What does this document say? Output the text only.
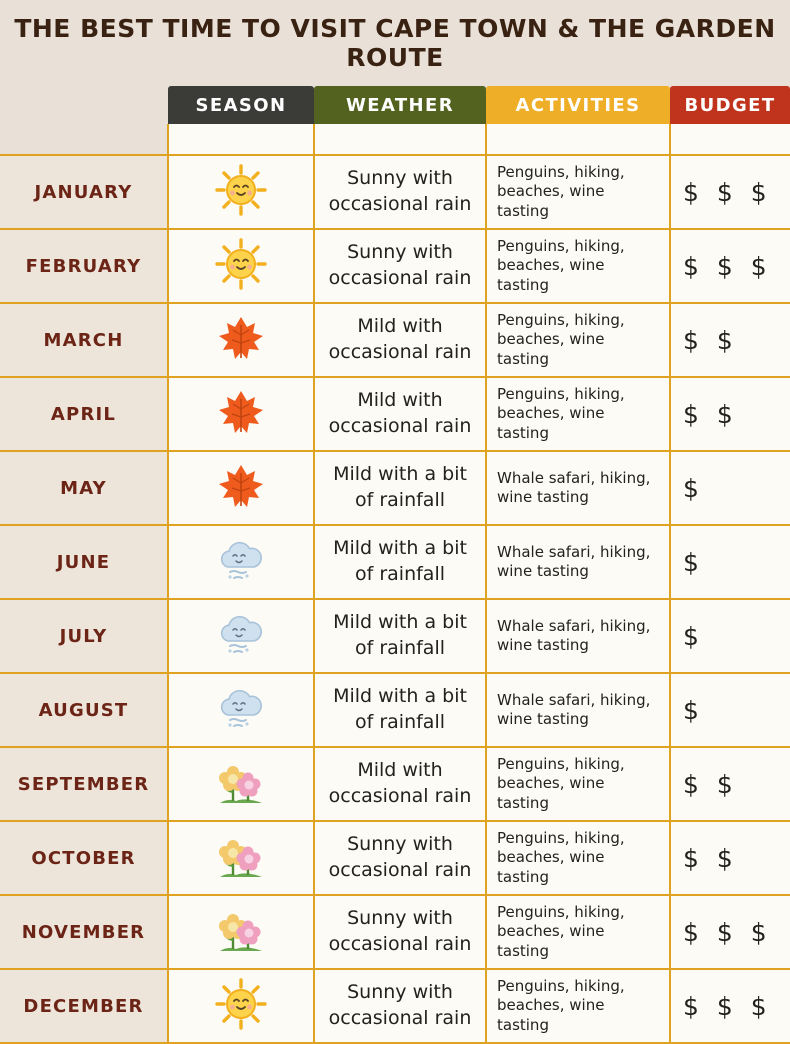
THE BEST TIME TO VISIT CAPE TOWN & THE GARDEN ROUTE

	SEASON	WEATHER	ACTIVITIES	BUDGET

JANUARY		Sunny with occasional rain	Penguins, hiking, beaches, wine tasting	$ $ $
FEBRUARY		Sunny with occasional rain	Penguins, hiking, beaches, wine tasting	$ $ $
MARCH		Mild with occasional rain	Penguins, hiking, beaches, wine tasting	$ $
APRIL		Mild with occasional rain	Penguins, hiking, beaches, wine tasting	$ $
MAY		Mild with a bit of rainfall	Whale safari, hiking, wine tasting	$
JUNE		Mild with a bit of rainfall	Whale safari, hiking, wine tasting	$
JULY		Mild with a bit of rainfall	Whale safari, hiking, wine tasting	$
AUGUST		Mild with a bit of rainfall	Whale safari, hiking, wine tasting	$
SEPTEMBER		Mild with occasional rain	Penguins, hiking, beaches, wine tasting	$ $
OCTOBER		Sunny with occasional rain	Penguins, hiking, beaches, wine tasting	$ $
NOVEMBER		Sunny with occasional rain	Penguins, hiking, beaches, wine tasting	$ $ $
DECEMBER		Sunny with occasional rain	Penguins, hiking, beaches, wine tasting	$ $ $
